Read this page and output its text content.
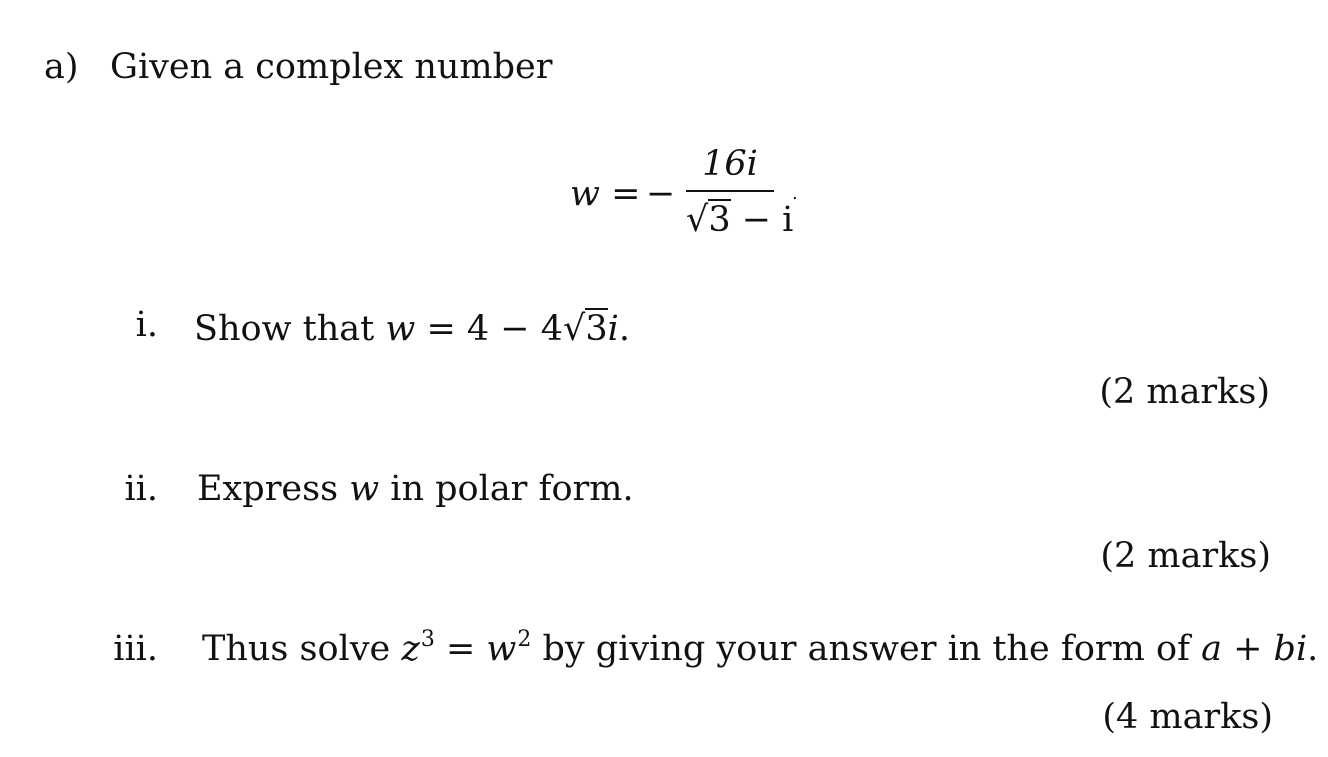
a) Given a complex number
w = −
16i
√3 − i
.
i. Show that w = 4 − 4√3i.
(2 marks)
ii. Express w in polar form.
(2 marks)
iii. Thus solve $z^3 = w^2$ by giving your answer in the form of a + bi.
(4 marks)
